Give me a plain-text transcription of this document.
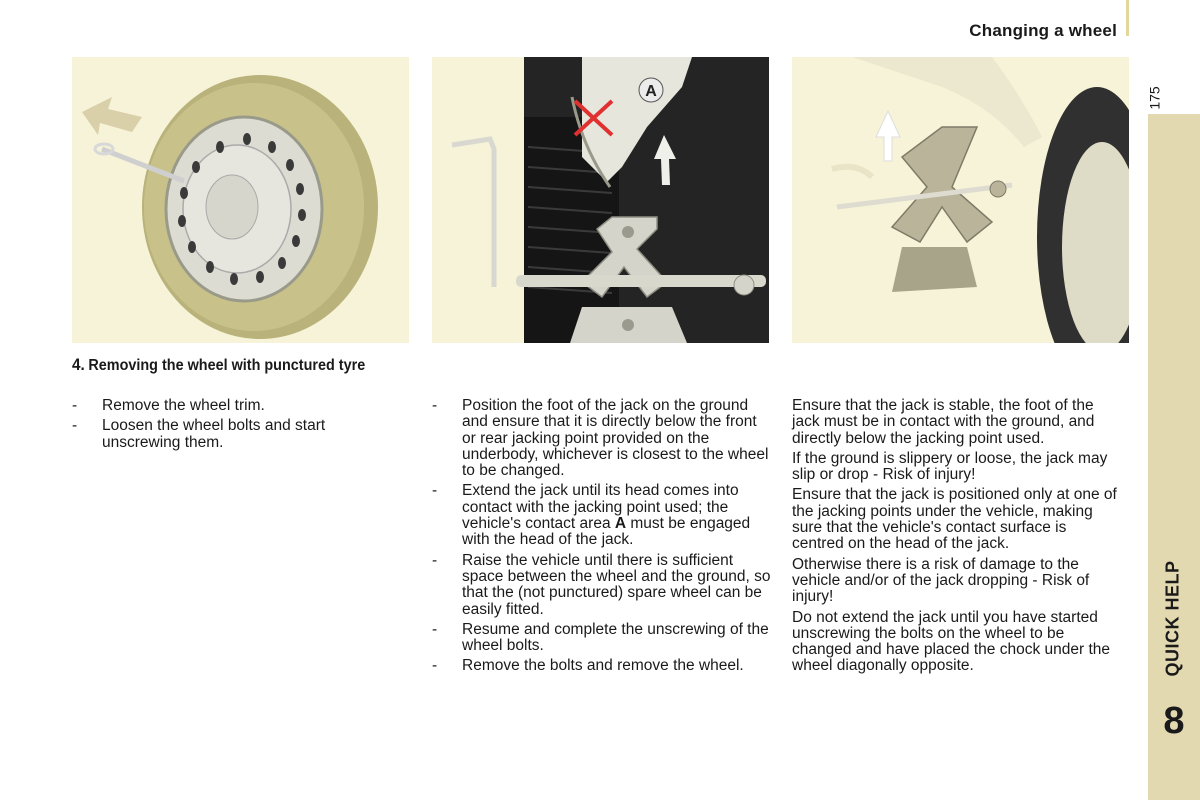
Changing a wheel
175
QUICK HELP
8
A
4. Removing the wheel with punctured tyre
- Remove the wheel trim.
- Loosen the wheel bolts and start unscrewing them.
- Position the foot of the jack on the ground and ensure that it is directly below the front or rear jacking point provided on the underbody, whichever is closest to the wheel to be changed.
- Extend the jack until its head comes into contact with the jacking point used; the vehicle's contact area A must be engaged with the head of the jack.
- Raise the vehicle until there is sufficient space between the wheel and the ground, so that the (not punctured) spare wheel can be easily fitted.
- Resume and complete the unscrewing of the wheel bolts.
- Remove the bolts and remove the wheel.

Ensure that the jack is stable, the foot of the jack must be in contact with the ground, and directly below the jacking point used.

If the ground is slippery or loose, the jack may slip or drop - Risk of injury!

Ensure that the jack is positioned only at one of the jacking points under the vehicle, making sure that the vehicle's contact surface is centred on the head of the jack.

Otherwise there is a risk of damage to the vehicle and/or of the jack dropping - Risk of injury!

Do not extend the jack until you have started unscrewing the bolts on the wheel to be changed and have placed the chock under the wheel diagonally opposite.
